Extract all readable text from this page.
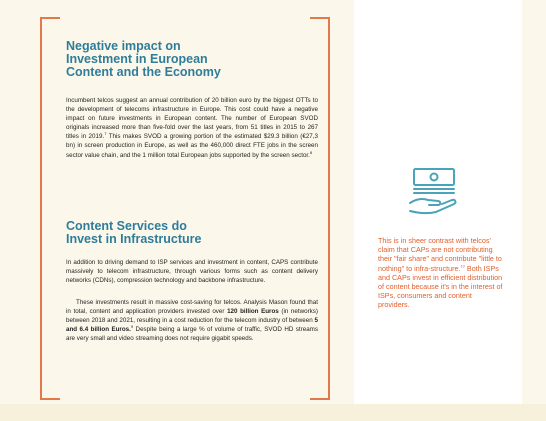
Negative impact on
Investment in European
Content and the Economy

Incumbent telcos suggest an annual contribution of 20 billion euro by the biggest OTTs to the development of telecoms infrastructure in Europe. This cost could have a negative impact on future investments in European content. The number of European SVOD originals increased more than five-fold over the last years, from 51 titles in 2015 to 267 titles in 2019.$^7$ This makes SVOD a growing portion of the estimated $29.3 billion (€27,3 bn) in screen production in Europe, as well as the 460,000 direct FTE jobs in the screen sector value chain, and the 1 million total European jobs supported by the screen sector.$^8$

Content Services do
Invest in Infrastructure

In addition to driving demand to ISP services and investment in content, CAPS contribute massively to telecom infrastructure, through various forms such as content delivery networks (CDNs), compression technology and backbone infrastructure.

These investments result in massive cost-saving for telcos. Analysis Mason found that in total, content and application providers invested over 120 billion Euros (in networks) between 2018 and 2021, resulting in a cost reduction for the telecom industry of between 5 and 6.4 billion Euros.$^9$ Despite being a large % of volume of traffic, SVOD HD streams are very small and video streaming does not require gigabit speeds.

This is in sheer contrast with telcos' claim that CAPs are not contributing their "fair share" and contribute "little to nothing" to infra-structure.$^{10}$ Both ISPs and CAPs invest in efficient distribution of content because it's in the interest of ISPs, consumers and content providers.
